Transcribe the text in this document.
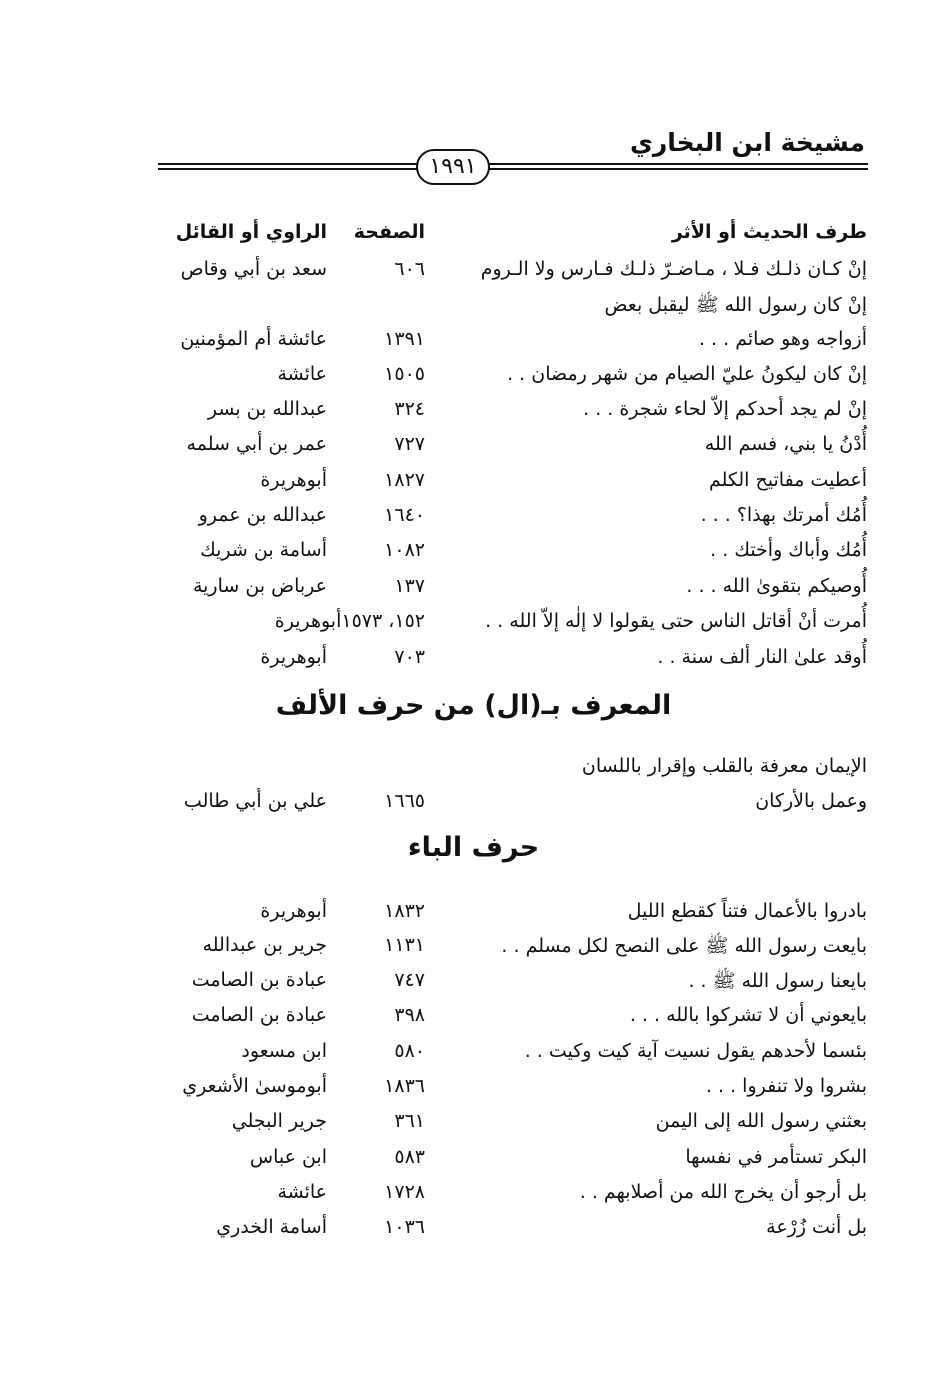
مشيخة ابن البخاري
١٩٩١
طرف الحديث أو الأثر
الصفحة
الراوي أو القائل
إنْ كـان ذلـك فـلا ، مـاضـرّ ذلـك فـارس ولا الـروم
٦٠٦
سعد بن أبي وقاص
إنْ كان رسول الله ﷺ ليقبل بعض
أزواجه وهو صائم . . .
١٣٩١
عائشة أم المؤمنين
إنْ كان ليكونُ عليّ الصيام من شهر رمضان . .
١٥٠٥
عائشة
إنْ لم يجد أحدكم إلاّ لحاء شجرة . . .
٣٢٤
عبدالله بن بسر
أُدْنُ يا بني، فسم الله
٧٢٧
عمر بن أبي سلمه
أعطيت مفاتيح الكلم
١٨٢٧
أبوهريرة
أُمُك أمرتك بهذا؟ . . .
١٦٤٠
عبدالله بن عمرو
أُمُك وأباك وأختك . .
١٠٨٢
أسامة بن شريك
أُوصيكم بتقوىٰ الله . . .
١٣٧
عرباض بن سارية
أُمرت أنْ أقاتل الناس حتى يقولوا لا إلٰه إلاّ الله . .
١٥٢، ١٥٧٣أبوهريرة
أُوقد علىٰ النار ألف سنة . .
٧٠٣
أبوهريرة
المعرف بـ(ال) من حرف الألف
الإيمان معرفة بالقلب وإقرار باللسان
وعمل بالأركان
١٦٦٥
علي بن أبي طالب
حرف الباء
بادروا بالأعمال فتناً كقطع الليل
١٨٣٢
أبوهريرة
بايعت رسول الله ﷺ على النصح لكل مسلم . .
١١٣١
جرير بن عبدالله
بايعنا رسول الله ﷺ . .
٧٤٧
عبادة بن الصامت
بايعوني أن لا تشركوا بالله . . .
٣٩٨
عبادة بن الصامت
بئسما لأحدهم يقول نسيت آية كيت وكيت . .
٥٨٠
ابن مسعود
بشروا ولا تنفروا . . .
١٨٣٦
أبوموسىٰ الأشعري
بعثني رسول الله إلى اليمن
٣٦١
جرير البجلي
البكر تستأمر في نفسها
٥٨٣
ابن عباس
بل أرجو أن يخرج الله من أصلابهم . .
١٧٢٨
عائشة
بل أنت زُرْعة
١٠٣٦
أسامة الخدري
